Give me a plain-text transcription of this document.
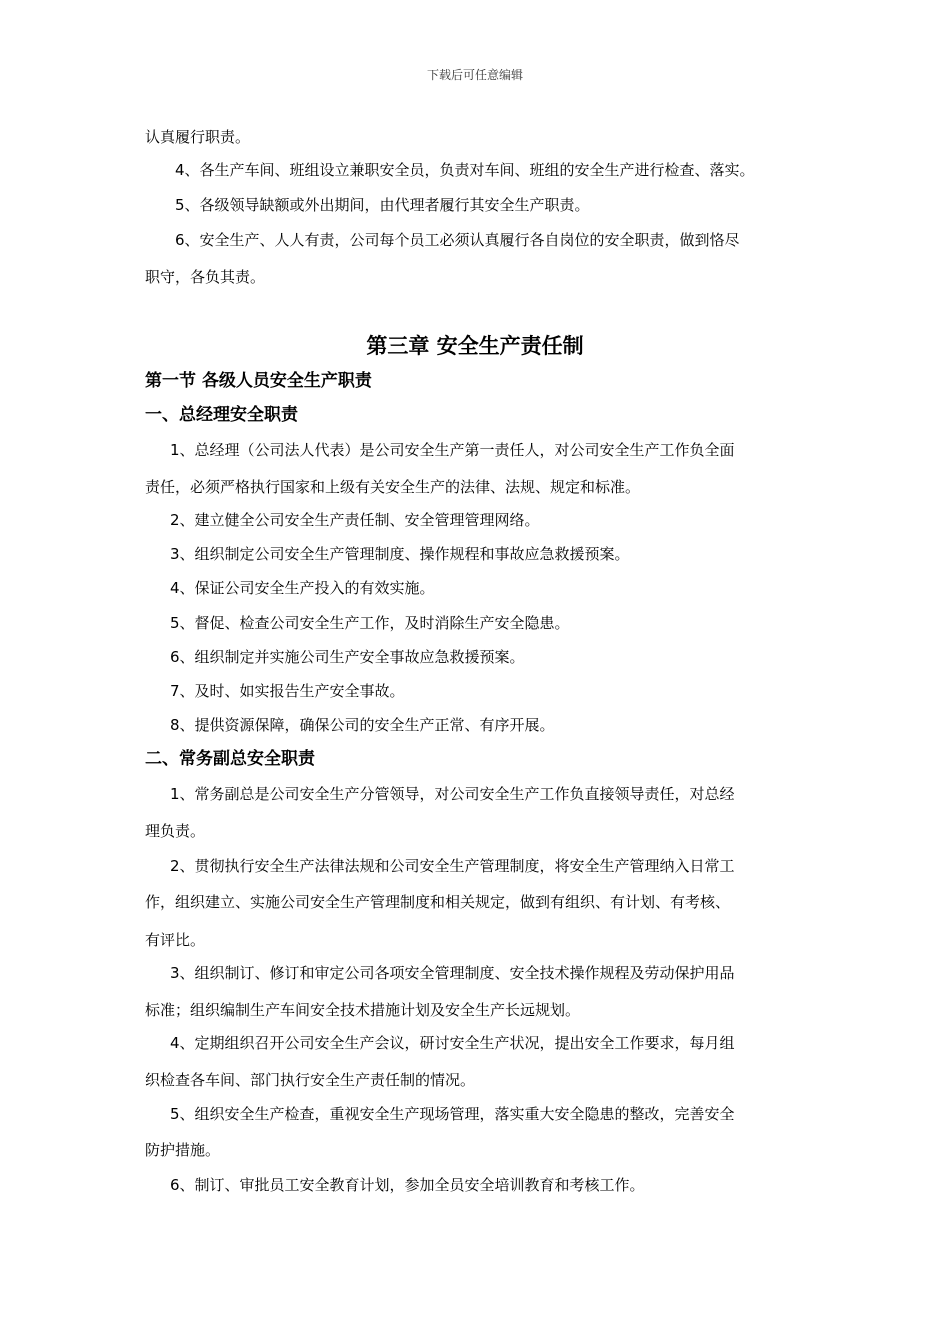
下载后可任意编辑
认真履行职责。
4、各生产车间、班组设立兼职安全员，负责对车间、班组的安全生产进行检查、落实。
5、各级领导缺额或外出期间，由代理者履行其安全生产职责。
6、安全生产、人人有责，公司每个员工必须认真履行各自岗位的安全职责，做到恪尽
职守，各负其责。
第三章 安全生产责任制
第一节 各级人员安全生产职责
一、总经理安全职责
1、总经理（公司法人代表）是公司安全生产第一责任人，对公司安全生产工作负全面
责任，必须严格执行国家和上级有关安全生产的法律、法规、规定和标准。
2、建立健全公司安全生产责任制、安全管理管理网络。
3、组织制定公司安全生产管理制度、操作规程和事故应急救援预案。
4、保证公司安全生产投入的有效实施。
5、督促、检查公司安全生产工作，及时消除生产安全隐患。
6、组织制定并实施公司生产安全事故应急救援预案。
7、及时、如实报告生产安全事故。
8、提供资源保障，确保公司的安全生产正常、有序开展。
二、常务副总安全职责
1、常务副总是公司安全生产分管领导，对公司安全生产工作负直接领导责任，对总经
理负责。
2、贯彻执行安全生产法律法规和公司安全生产管理制度，将安全生产管理纳入日常工
作，组织建立、实施公司安全生产管理制度和相关规定，做到有组织、有计划、有考核、
有评比。
3、组织制订、修订和审定公司各项安全管理制度、安全技术操作规程及劳动保护用品
标准；组织编制生产车间安全技术措施计划及安全生产长远规划。
4、定期组织召开公司安全生产会议，研讨安全生产状况，提出安全工作要求，每月组
织检查各车间、部门执行安全生产责任制的情况。
5、组织安全生产检查，重视安全生产现场管理，落实重大安全隐患的整改，完善安全
防护措施。
6、制订、审批员工安全教育计划，参加全员安全培训教育和考核工作。
